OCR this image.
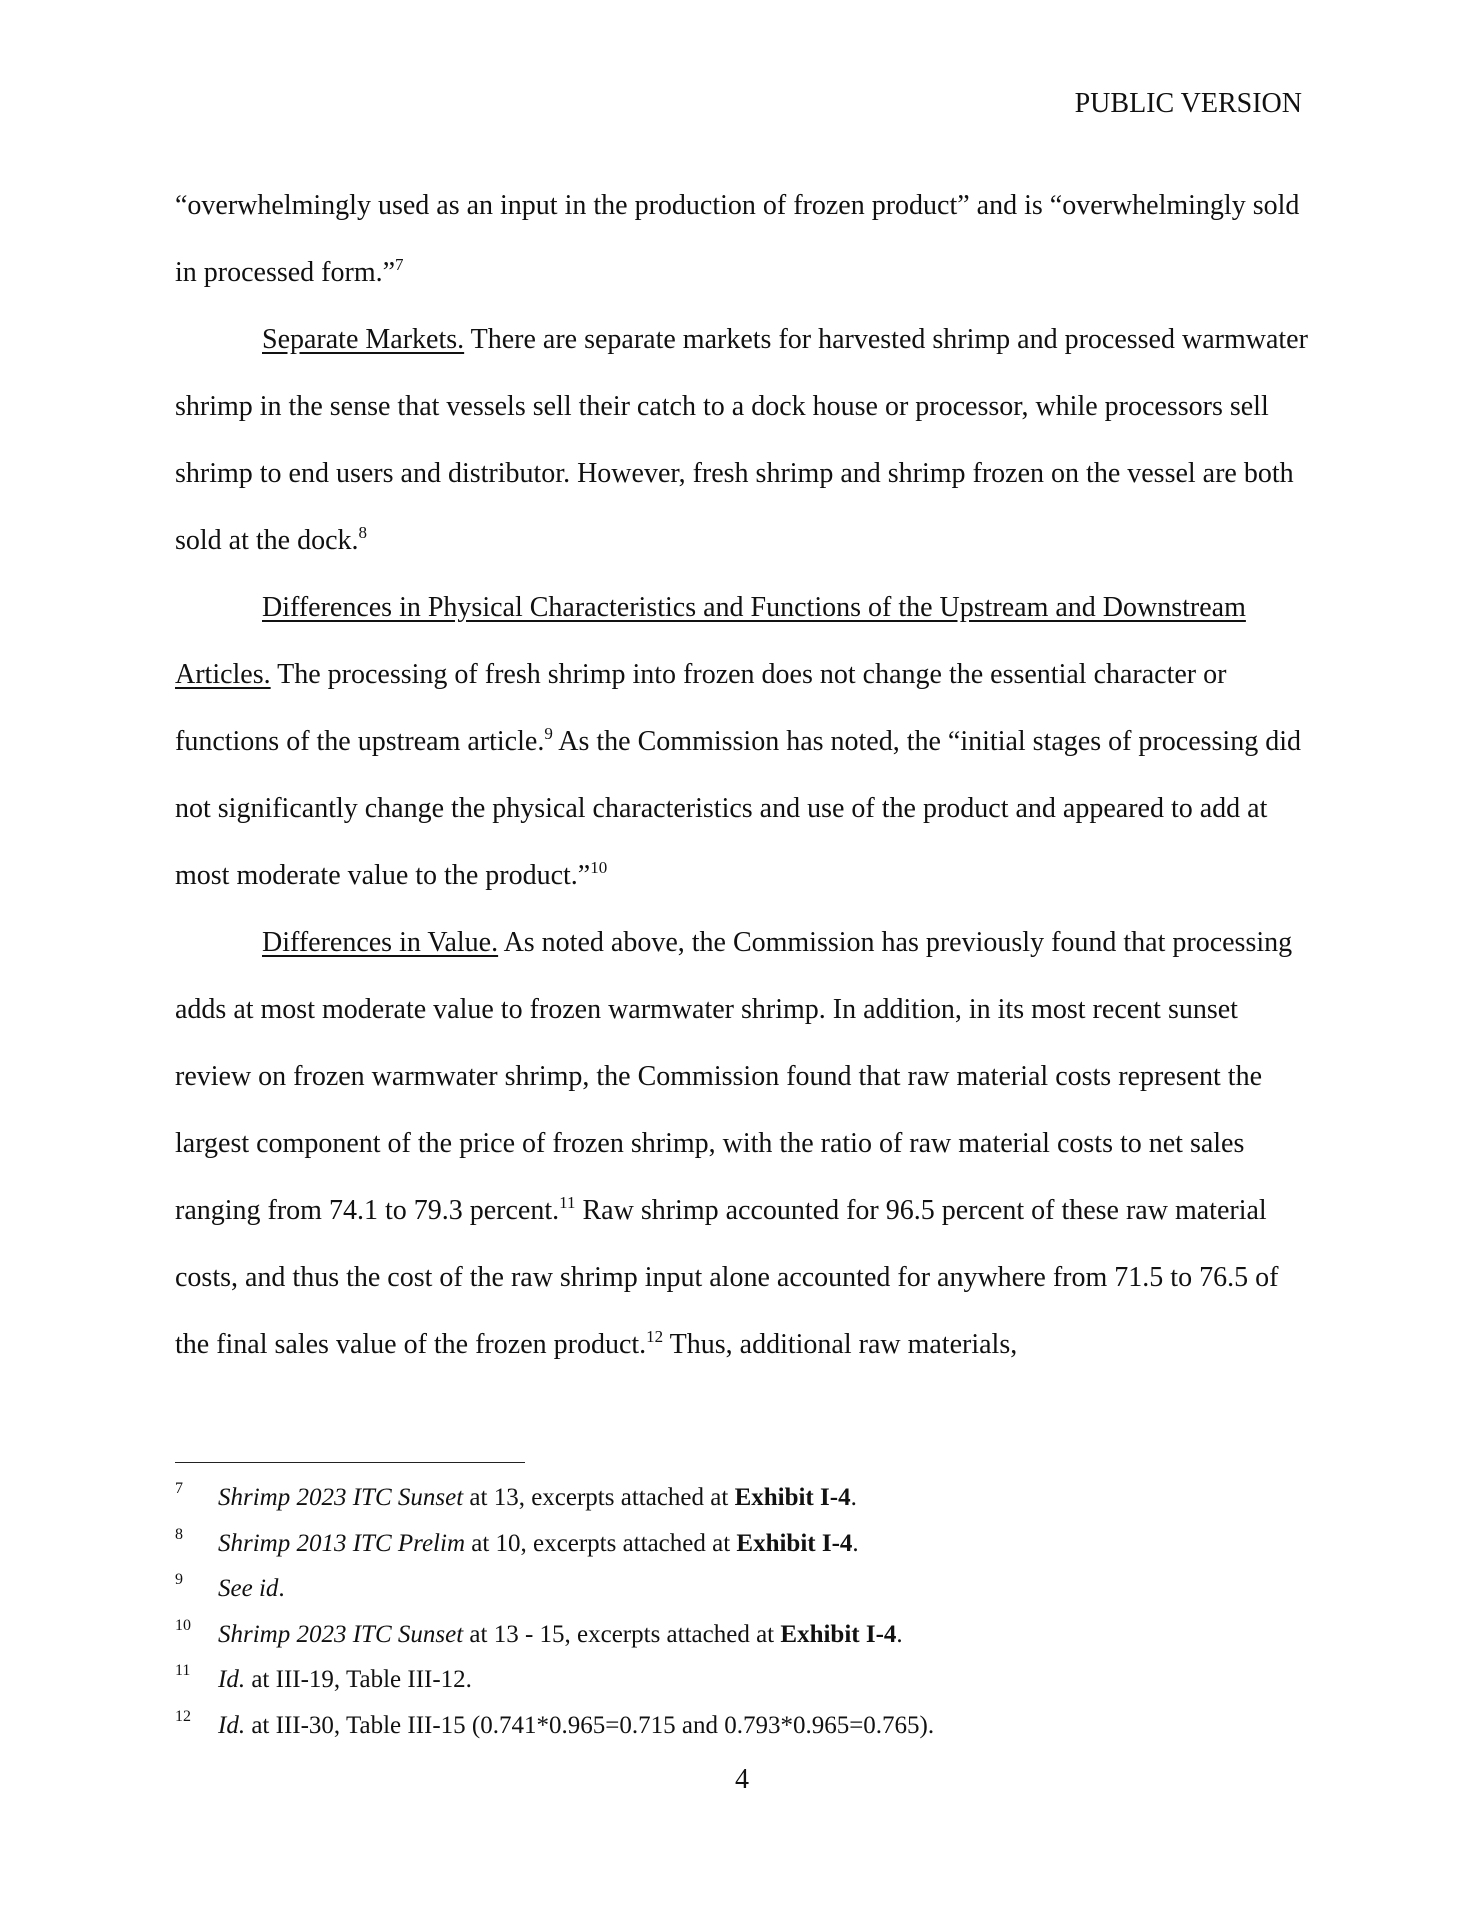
PUBLIC VERSION

“overwhelmingly used as an input in the production of frozen product” and is “overwhelmingly sold in processed form.”$^7$

Separate Markets. There are separate markets for harvested shrimp and processed warmwater shrimp in the sense that vessels sell their catch to a dock house or processor, while processors sell shrimp to end users and distributor. However, fresh shrimp and shrimp frozen on the vessel are both sold at the dock.$^8$

Differences in Physical Characteristics and Functions of the Upstream and Downstream Articles. The processing of fresh shrimp into frozen does not change the essential character or functions of the upstream article.$^9$ As the Commission has noted, the “initial stages of processing did not significantly change the physical characteristics and use of the product and appeared to add at most moderate value to the product.”$^{10}$

Differences in Value. As noted above, the Commission has previously found that processing adds at most moderate value to frozen warmwater shrimp. In addition, in its most recent sunset review on frozen warmwater shrimp, the Commission found that raw material costs represent the largest component of the price of frozen shrimp, with the ratio of raw material costs to net sales ranging from 74.1 to 79.3 percent.$^{11}$ Raw shrimp accounted for 96.5 percent of these raw material costs, and thus the cost of the raw shrimp input alone accounted for anywhere from 71.5 to 76.5 of the final sales value of the frozen product.$^{12}$ Thus, additional raw materials,

7 Shrimp 2023 ITC Sunset at 13, excerpts attached at Exhibit I-4.
8 Shrimp 2013 ITC Prelim at 10, excerpts attached at Exhibit I-4.
9 See id.
10 Shrimp 2023 ITC Sunset at 13 - 15, excerpts attached at Exhibit I-4.
11 Id. at III-19, Table III-12.
12 Id. at III-30, Table III-15 (0.741*0.965=0.715 and 0.793*0.965=0.765).
4
